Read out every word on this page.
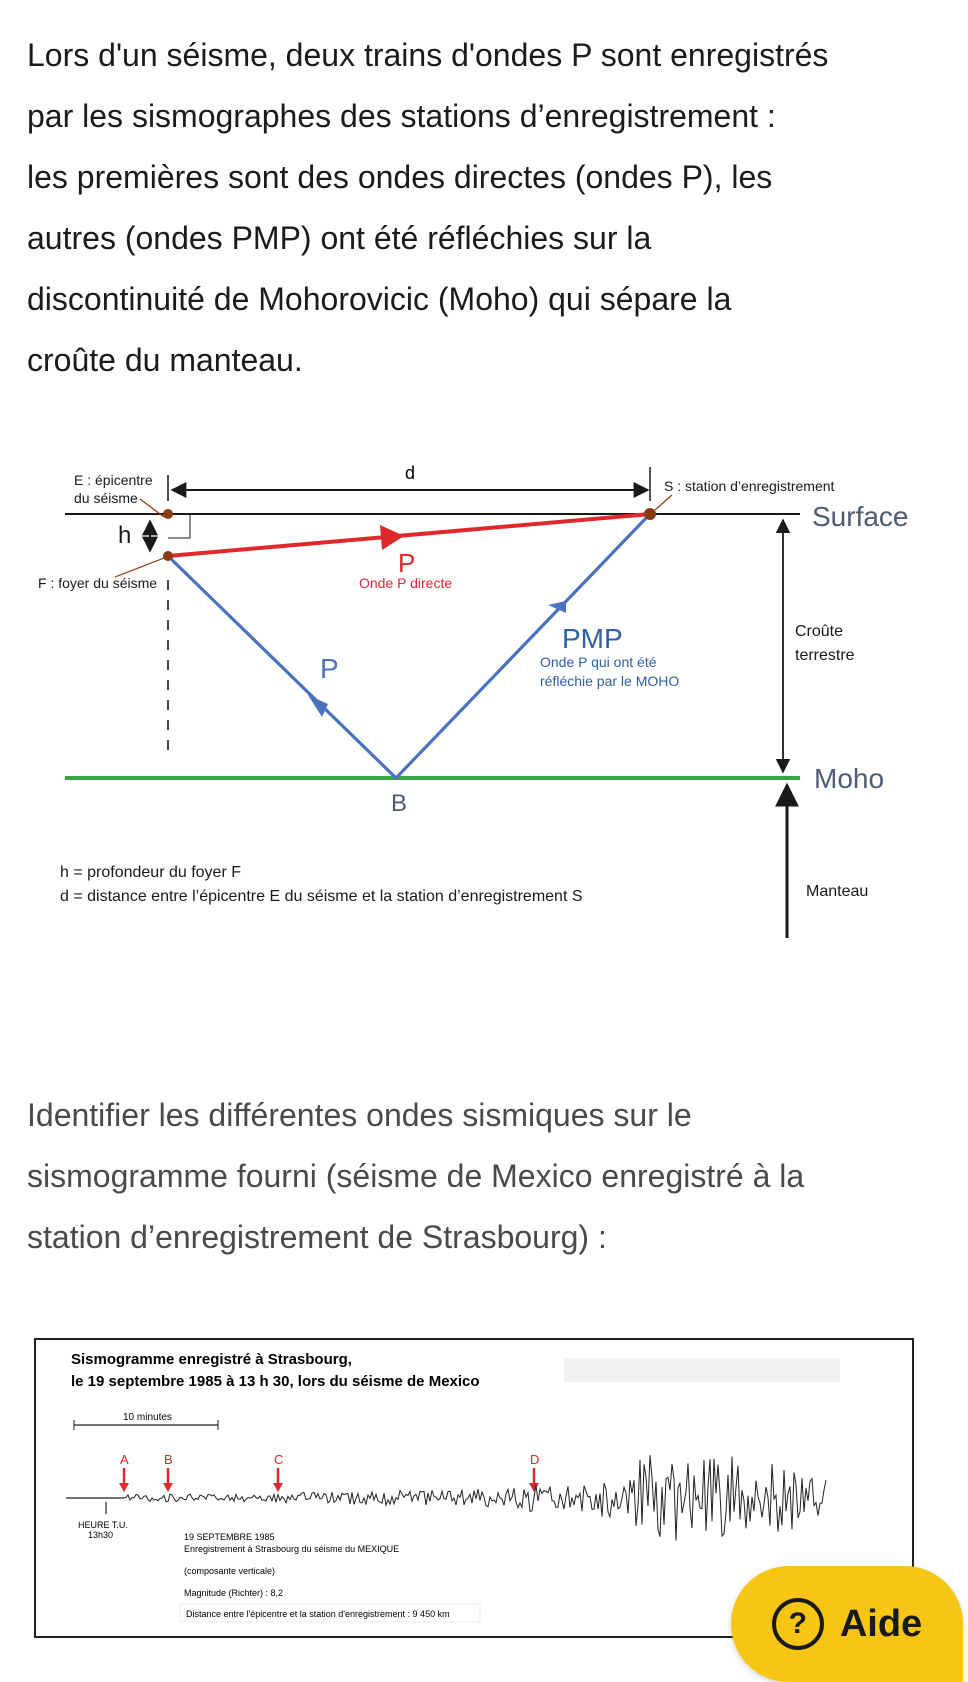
Lors d'un séisme, deux trains d'ondes P sont enregistrés
par les sismographes des stations d’enregistrement :
les premières sont des ondes directes (ondes P), les
autres (ondes PMP) ont été réfléchies sur la
discontinuité de Mohorovicic (Moho) qui sépare la
croûte du manteau.

d
E : épicentre
du séisme
h
F : foyer du séisme
P
Onde P directe
P
PMP
Onde P qui ont été
réfléchie par le MOHO
S : station d’enregistrement
Surface
Moho
B
Croûte
terrestre
Manteau
h = profondeur du foyer F
d = distance entre l’épicentre E du séisme et la station d’enregistrement S

Identifier les différentes ondes sismiques sur le
sismogramme fourni (séisme de Mexico enregistré à la
station d’enregistrement de Strasbourg) :

Sismogramme enregistré à Strasbourg,
le 19 septembre 1985 à 13 h 30, lors du séisme de Mexico
10 minutes
A	B	C	D
HEURE T.U.
13h30	19 SEPTEMBRE 1985
Enregistrement à Strasbourg du séisme du MEXIQUE
(composante verticale)
Magnitude (Richter) : 8,2
Distance entre l'épicentre et la station d'enregistrement : 9 450 km	? Aide
